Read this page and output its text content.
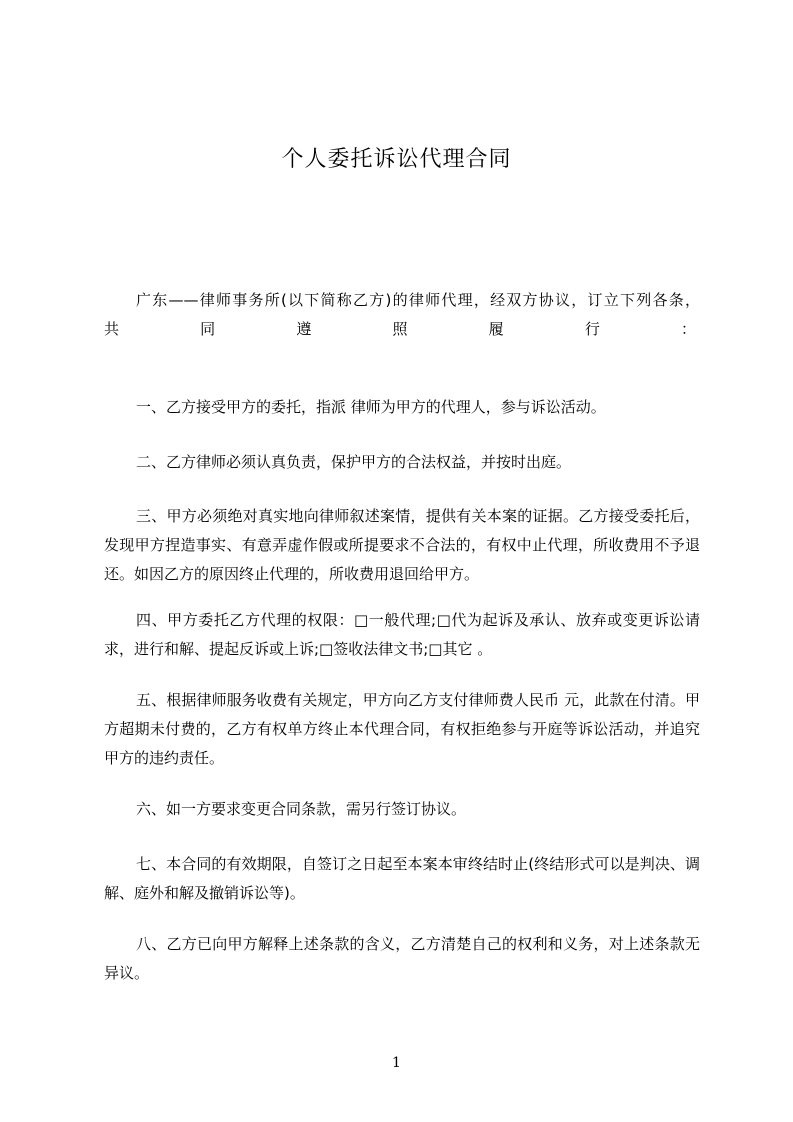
个人委托诉讼代理合同

广东——律师事务所(以下简称乙方)的律师代理，经双方协议，订立下列各条，

共 同 遵 照 履 行 ：

一、乙方接受甲方的委托，指派 律师为甲方的代理人，参与诉讼活动。

二、乙方律师必须认真负责，保护甲方的合法权益，并按时出庭。

三、甲方必须绝对真实地向律师叙述案情，提供有关本案的证据。乙方接受委托后，发现甲方捏造事实、有意弄虚作假或所提要求不合法的，有权中止代理，所收费用不予退还。如因乙方的原因终止代理的，所收费用退回给甲方。

四、甲方委托乙方代理的权限：□一般代理;□代为起诉及承认、放弃或变更诉讼请求，进行和解、提起反诉或上诉;□签收法律文书;□其它 。

五、根据律师服务收费有关规定，甲方向乙方支付律师费人民币 元，此款在付清。甲方超期未付费的，乙方有权单方终止本代理合同，有权拒绝参与开庭等诉讼活动，并追究甲方的违约责任。

六、如一方要求变更合同条款，需另行签订协议。

七、本合同的有效期限，自签订之日起至本案本审终结时止(终结形式可以是判决、调解、庭外和解及撤销诉讼等)。

八、乙方已向甲方解释上述条款的含义，乙方清楚自己的权利和义务，对上述条款无异议。

1
